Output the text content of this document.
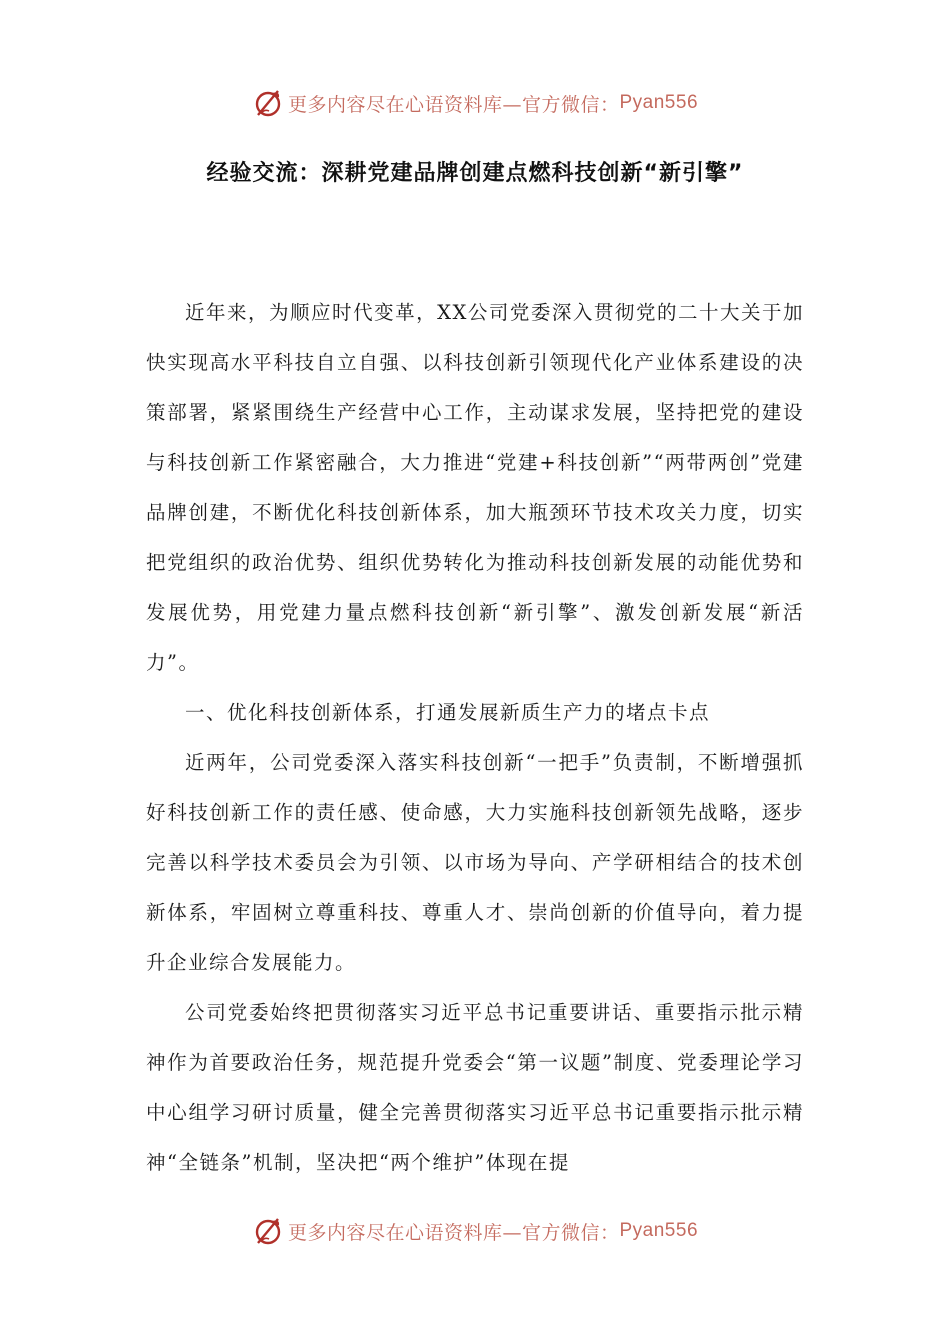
更多内容尽在心语资料库—官方微信： Pyan556
经验交流：深耕党建品牌创建点燃科技创新“新引擎”

近年来，为顺应时代变革，XX公司党委深入贯彻党的二十大关于加快实现高水平科技自立自强、以科技创新引领现代化产业体系建设的决策部署，紧紧围绕生产经营中心工作，主动谋求发展，坚持把党的建设与科技创新工作紧密融合，大力推进“党建+科技创新”“两带两创”党建品牌创建，不断优化科技创新体系，加大瓶颈环节技术攻关力度，切实把党组织的政治优势、组织优势转化为推动科技创新发展的动能优势和发展优势，用党建力量点燃科技创新“新引擎”、激发创新发展“新活力”。

一、优化科技创新体系，打通发展新质生产力的堵点卡点

近两年，公司党委深入落实科技创新“一把手”负责制，不断增强抓好科技创新工作的责任感、使命感，大力实施科技创新领先战略，逐步完善以科学技术委员会为引领、以市场为导向、产学研相结合的技术创新体系，牢固树立尊重科技、尊重人才、崇尚创新的价值导向，着力提升企业综合发展能力。

公司党委始终把贯彻落实习近平总书记重要讲话、重要指示批示精神作为首要政治任务，规范提升党委会“第一议题”制度、党委理论学习中心组学习研讨质量，健全完善贯彻落实习近平总书记重要指示批示精神“全链条”机制，坚决把“两个维护”体现在提

更多内容尽在心语资料库—官方微信： Pyan556
